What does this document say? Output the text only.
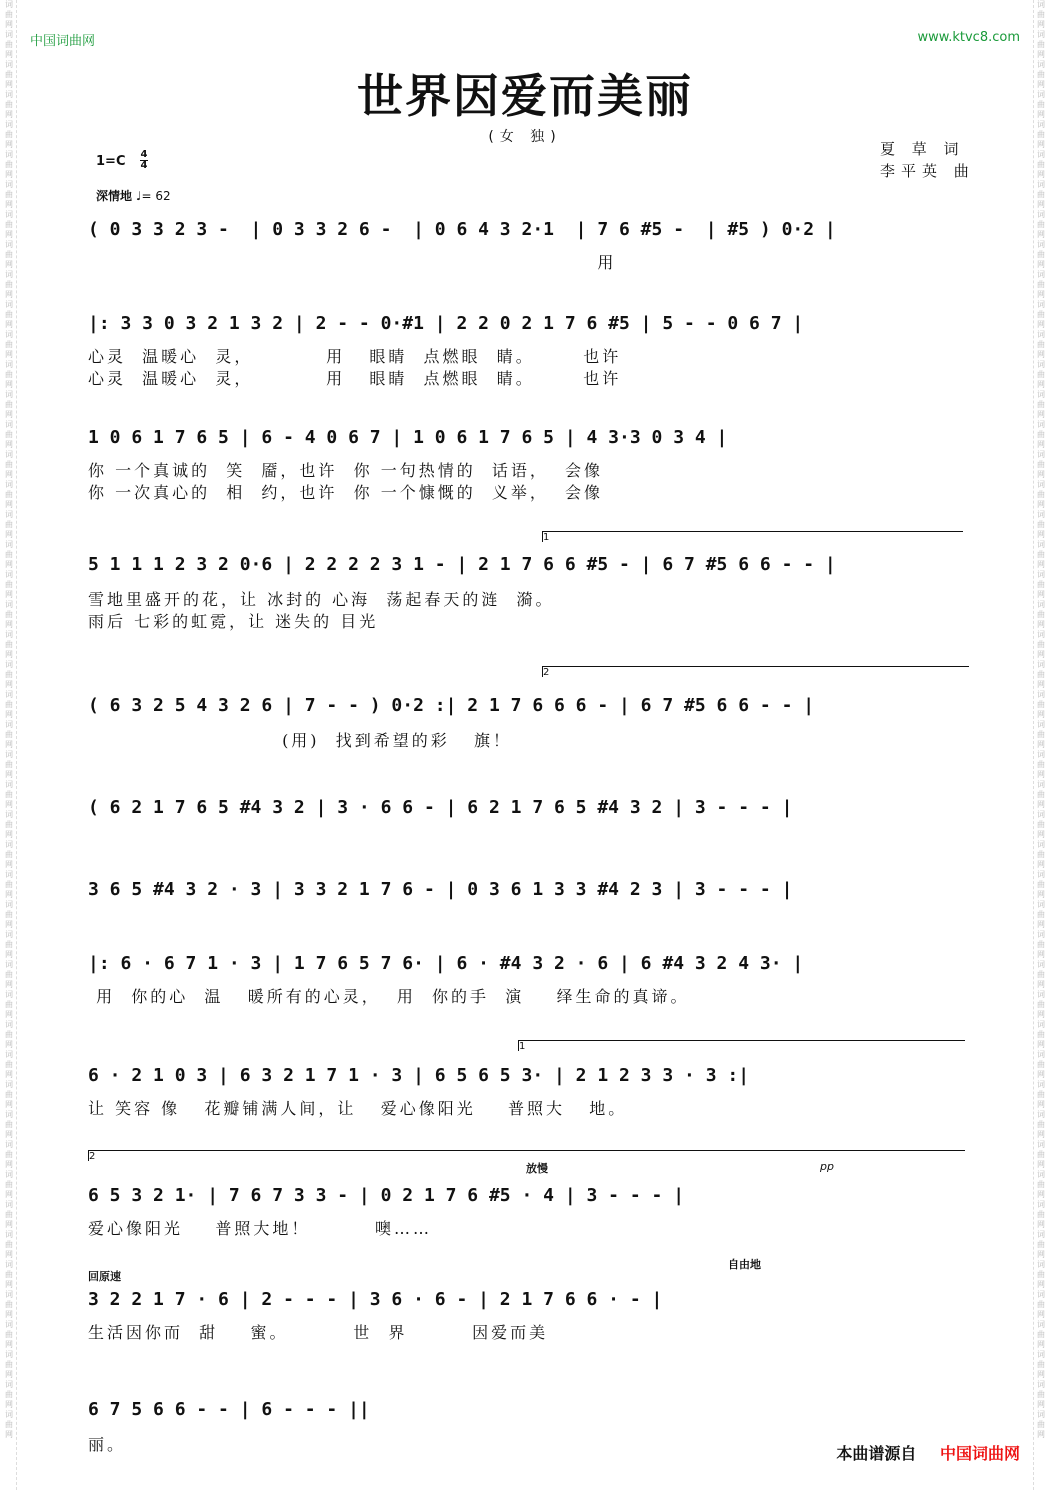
词
曲
网
词
曲
网
词
曲
网
词
曲
网
词
曲
网
词
曲
网
词
曲
网
词
曲
网
词
曲
网
词
曲
网
词
曲
网
词
曲
网
词
曲
网
词
曲
网
词
曲
网
词
曲
网
词
曲
网
词
曲
网
词
曲
网
词
曲
网
词
曲
网
词
曲
网
词
曲
网
词
曲
网
词
曲
网
词
曲
网
词
曲
网
词
曲
网
词
曲
网
词
曲
网
词
曲
网
词
曲
网
词
曲
网
词
曲
网
词
曲
网
词
曲
网
词
曲
网
词
曲
网
词
曲
网
词
曲
网
词
曲
网
词
曲
网
词
曲
网
词
曲
网
词
曲
网
词
曲
网
词
曲
网
词
曲
网
词
曲
网
词
曲
网
词
曲
网
词
曲
网
词
曲
网
词
曲
网
词
曲
网
词
曲
网
词
曲
网
词
曲
网
词
曲
网
词
曲
网
词
曲
网
词
曲
网
词
曲
网
词
曲
网
词
曲
网
词
曲
网
词
曲
网
词
曲
网
词
曲
网
词
曲
网
词
曲
网
词
曲
网
词
曲
网
词
曲
网
词
曲
网
词
曲
网
词
曲
网
词
曲
网
词
曲
网
词
曲
网
词
曲
网
词
曲
网
词
曲
网
词
曲
网
词
曲
网
词
曲
网
词
曲
网
词
曲
网
词
曲
网
词
曲
网
词
曲
网
词
曲
网
词
曲
网
词
曲
网
词
曲
网
词
曲
网
中国词曲网	www.ktvc8.com
世界因爱而美丽
(女 独)
夏 草 词
李平英 曲
1=C 4
4
深情地 ♩= 62
( 0 3 3 2 3 -  | 0 3 3 2 6 -  | 0 6 4 3 2·1  | 7 6 #5 -  | #5 ) 0·2 |
用
|: 3 3 0 3 2 1 3 2 | 2 - - 0·#1 | 2 2 0 2 1 7 6 #5 | 5 - - 0 6 7 |
心灵  温暖心  灵，         用   眼睛  点燃眼  睛。      也许
心灵  温暖心  灵，         用   眼睛  点燃眼  睛。      也许
1 0 6 1 7 6 5 | 6 - 4 0 6 7 | 1 0 6 1 7 6 5 | 4 3·3 0 3 4 |
你 一个真诚的  笑  靥，也许  你 一句热情的  话语，  会像
你 一次真心的  相  约，也许  你 一个慷慨的  义举，  会像
1
5 1 1 1 2 3 2 0·6 | 2 2 2 2 3 1 - | 2 1 7 6 6 #5 - | 6 7 #5 6 6 - - |
雪地里盛开的花，让 冰封的 心海  荡起春天的涟  漪。
雨后 七彩的虹霓，让 迷失的 目光
2
( 6 3 2 5 4 3 2 6 | 7 - - ) 0·2 :| 2 1 7 6 6 6 - | 6 7 #5 6 6 - - |
(用)  找到希望的彩   旗！
( 6 2 1 7 6 5 #4 3 2 | 3 · 6 6 - | 6 2 1 7 6 5 #4 3 2 | 3 - - - |
3 6 5 #4 3 2 · 3 | 3 3 2 1 7 6 - | 0 3 6 1 3 3 #4 2 3 | 3 - - - |
|: 6 · 6 7 1 · 3 | 1 7 6 5 7 6· | 6 · #4 3 2 · 6 | 6 #4 3 2 4 3· |
用  你的心  温   暖所有的心灵，  用  你的手  演    绎生命的真谛。
1
6 · 2 1 0 3 | 6 3 2 1 7 1 · 3 | 6 5 6 5 3· | 2 1 2 3 3 · 3 :|
让 笑容 像   花瓣铺满人间，让   爱心像阳光    普照大   地。
2
放慢	pp
6 5 3 2 1· | 7 6 7 3 3 - | 0 2 1 7 6 #5 · 4 | 3 - - - |
爱心像阳光    普照大地！        噢……
回原速
自由地
3 2 2 1 7 · 6 | 2 - - - | 3 6 · 6 - | 2 1 7 6 6 · - |
生活因你而  甜    蜜。        世  界        因爱而美
6 7 5 6 6 - - | 6 - - - ||
丽。	本曲谱源自 中国词曲网
